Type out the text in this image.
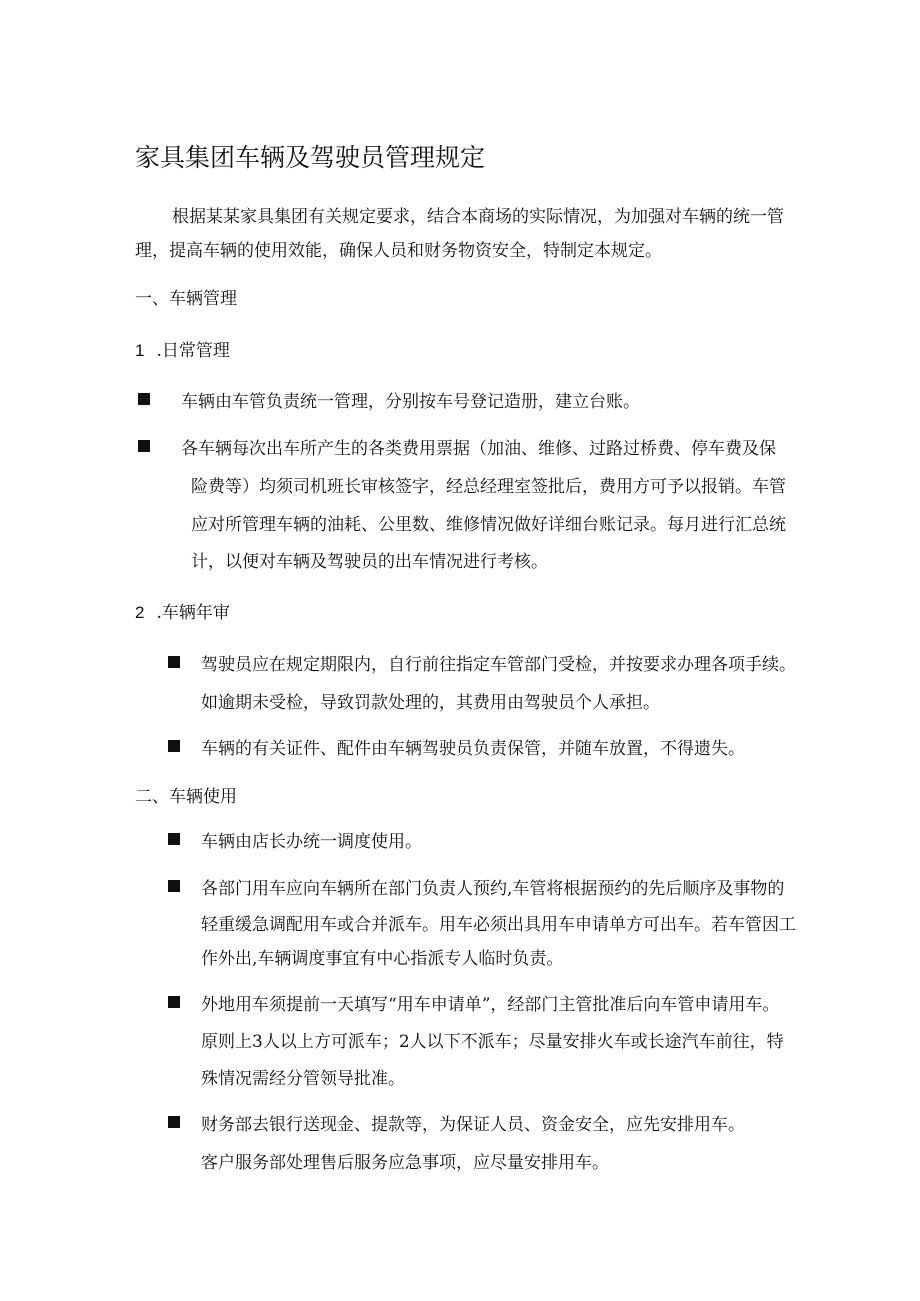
家具集团车辆及驾驶员管理规定
根据某某家具集团有关规定要求，结合本商场的实际情况，为加强对车辆的统一管
理，提高车辆的使用效能，确保人员和财务物资安全，特制定本规定。
一、车辆管理
1 .日常管理
车辆由车管负责统一管理，分别按车号登记造册，建立台账。
各车辆每次出车所产生的各类费用票据（加油、维修、过路过桥费、停车费及保
险费等）均须司机班长审核签字，经总经理室签批后，费用方可予以报销。车管
应对所管理车辆的油耗、公里数、维修情况做好详细台账记录。每月进行汇总统
计，以便对车辆及驾驶员的出车情况进行考核。
2 .车辆年审
驾驶员应在规定期限内，自行前往指定车管部门受检，并按要求办理各项手续。
如逾期未受检，导致罚款处理的，其费用由驾驶员个人承担。
车辆的有关证件、配件由车辆驾驶员负责保管，并随车放置，不得遗失。
二、车辆使用
车辆由店长办统一调度使用。
各部门用车应向车辆所在部门负责人预约,车管将根据预约的先后顺序及事物的
轻重缓急调配用车或合并派车。用车必须出具用车申请单方可出车。若车管因工
作外出,车辆调度事宜有中心指派专人临时负责。
外地用车须提前一天填写“用车申请单”，经部门主管批准后向车管申请用车。
原则上3人以上方可派车；2人以下不派车；尽量安排火车或长途汽车前往，特
殊情况需经分管领导批准。
财务部去银行送现金、提款等，为保证人员、资金安全，应先安排用车。
客户服务部处理售后服务应急事项，应尽量安排用车。
